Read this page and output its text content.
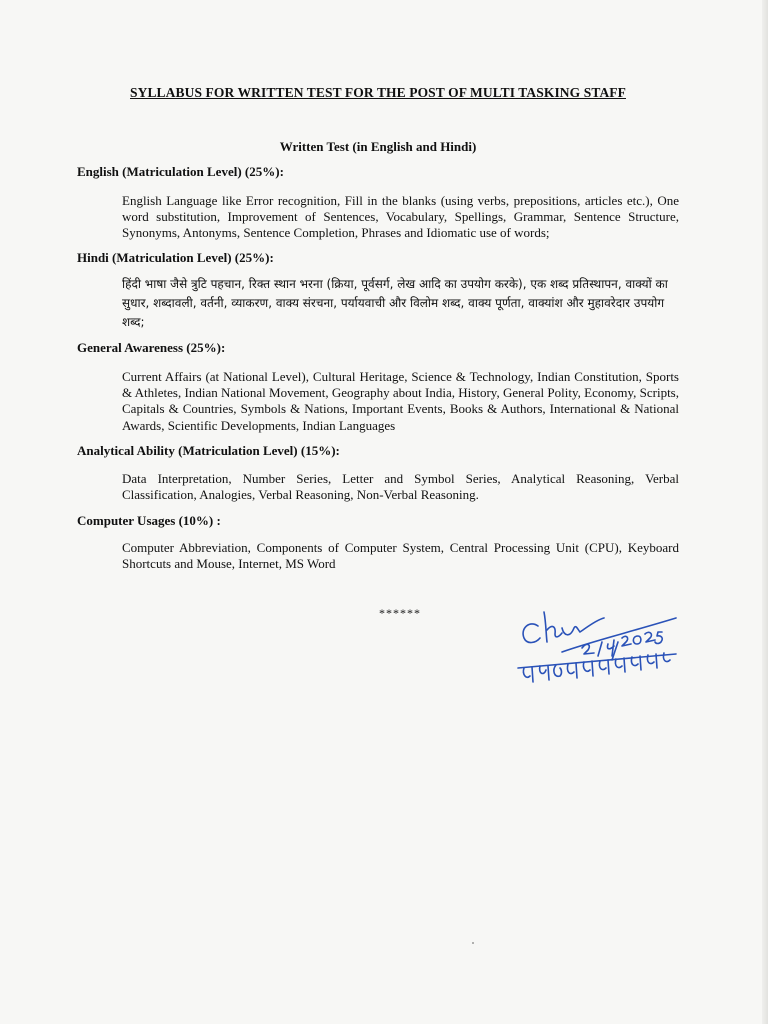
SYLLABUS FOR WRITTEN TEST FOR THE POST OF MULTI TASKING STAFF
Written Test (in English and Hindi)
English (Matriculation Level) (25%):
English Language like Error recognition, Fill in the blanks (using verbs, prepositions, articles etc.), One word substitution, Improvement of Sentences, Vocabulary, Spellings, Grammar, Sentence Structure, Synonyms, Antonyms, Sentence Completion, Phrases and Idiomatic use of words;
Hindi (Matriculation Level) (25%):
हिंदी भाषा जैसे त्रुटि पहचान, रिक्त स्थान भरना (क्रिया, पूर्वसर्ग, लेख आदि का उपयोग करके), एक शब्द प्रतिस्थापन, वाक्यों का सुधार, शब्दावली, वर्तनी, व्याकरण, वाक्य संरचना, पर्यायवाची और विलोम शब्द, वाक्य पूर्णता, वाक्यांश और मुहावरेदार उपयोग शब्द;
General Awareness (25%):
Current Affairs (at National Level), Cultural Heritage, Science & Technology, Indian Constitution, Sports & Athletes, Indian National Movement, Geography about India, History, General Polity, Economy, Scripts, Capitals & Countries, Symbols & Nations, Important Events, Books & Authors, International & National Awards, Scientific Developments, Indian Languages
Analytical Ability (Matriculation Level) (15%):
Data Interpretation, Number Series, Letter and Symbol Series, Analytical Reasoning, Verbal Classification, Analogies, Verbal Reasoning, Non-Verbal Reasoning.
Computer Usages (10%) :
Computer Abbreviation, Components of Computer System, Central Processing Unit (CPU), Keyboard Shortcuts and Mouse, Internet, MS Word
******
